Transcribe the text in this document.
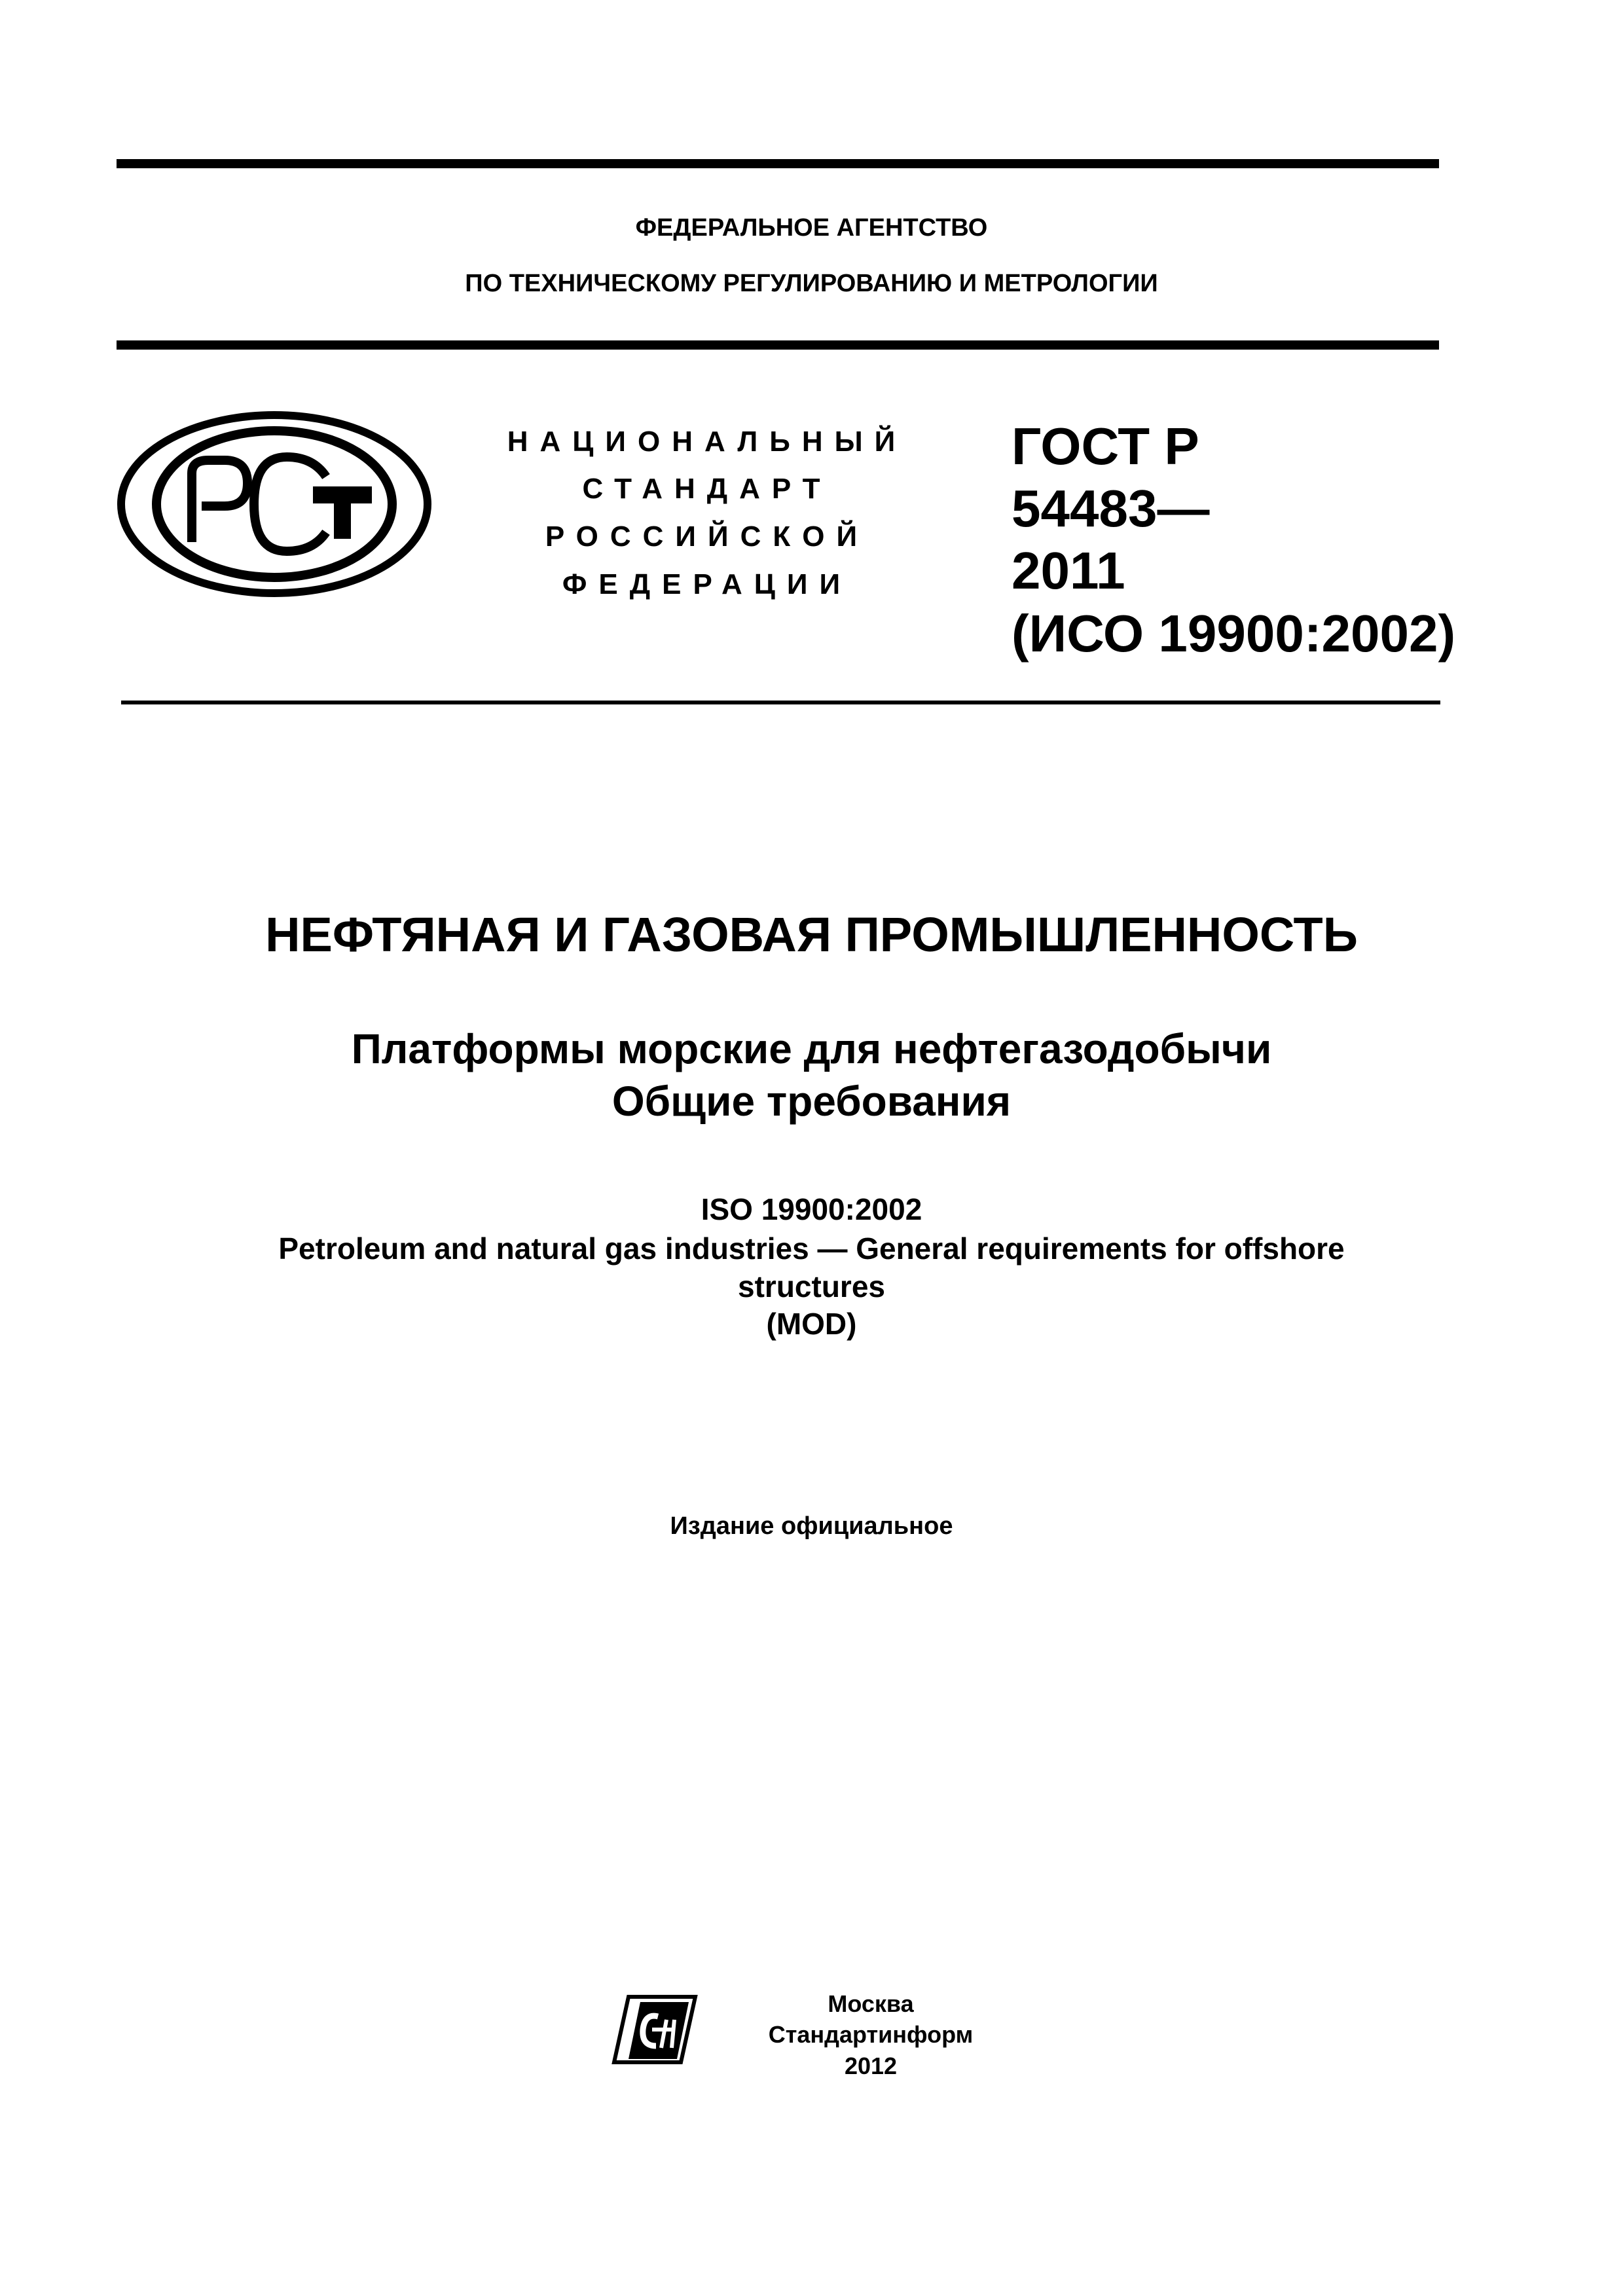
ФЕДЕРАЛЬНОЕ АГЕНТСТВО
ПО ТЕХНИЧЕСКОМУ РЕГУЛИРОВАНИЮ И МЕТРОЛОГИИ
НАЦИОНАЛЬНЫЙ
СТАНДАРТ
РОССИЙСКОЙ
ФЕДЕРАЦИИ
ГОСТ Р
54483—
2011
(ИСО 19900:2002)
НЕФТЯНАЯ И ГАЗОВАЯ ПРОМЫШЛЕННОСТЬ
Платформы морские для нефтегазодобычи
Общие требования
ISO 19900:2002
Petroleum and natural gas industries — General requirements for offshore
structures
(MOD)
Издание официальное
Москва
Стандартинформ
2012
